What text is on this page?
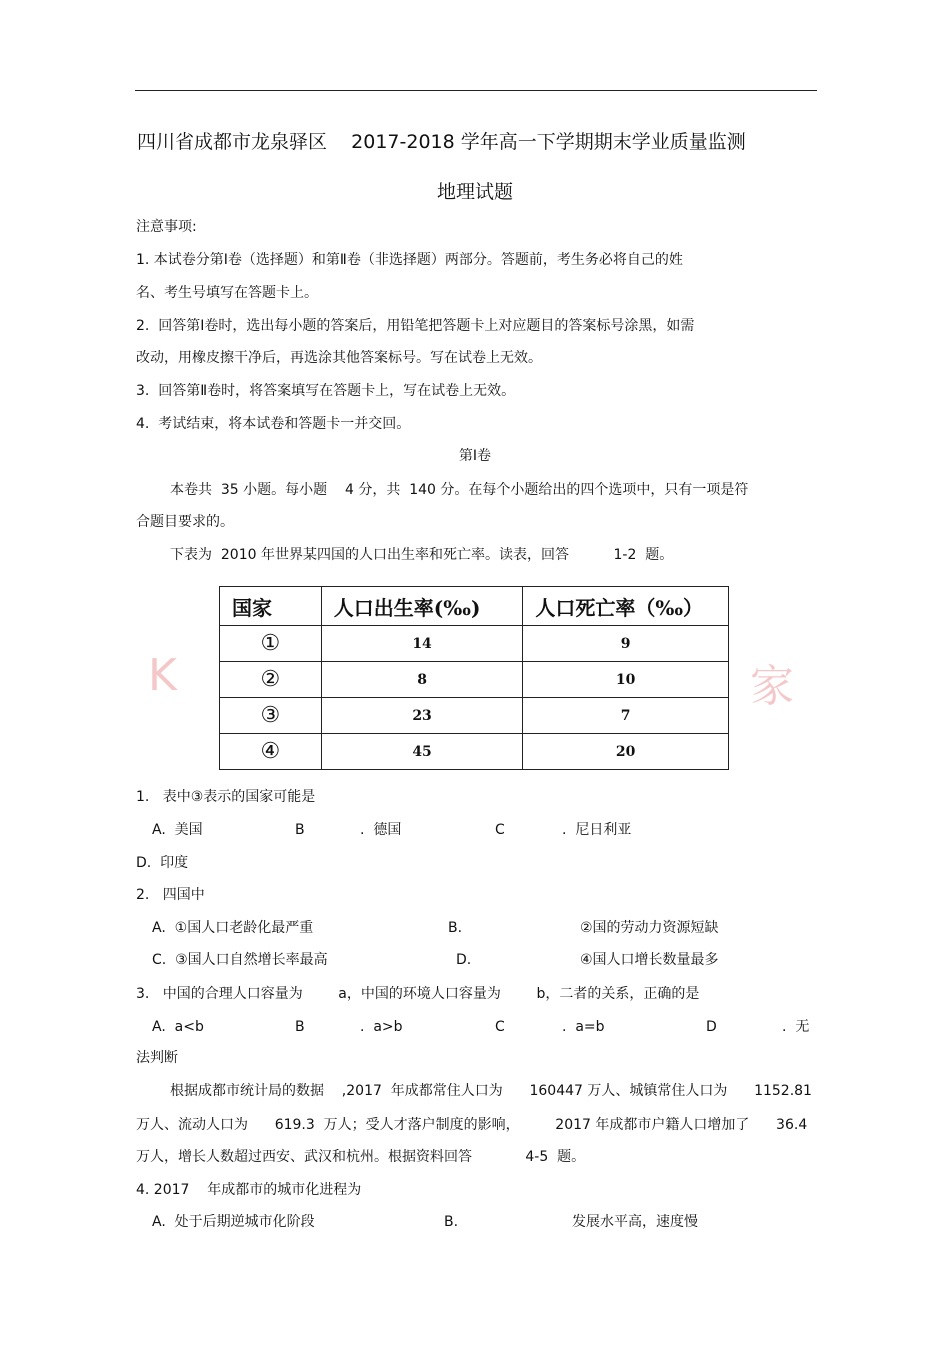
四川省成都市龙泉驿区    2017-2018 学年高一下学期期末学业质量监测
地理试题
注意事项:
1. 本试卷分第Ⅰ卷（选择题）和第Ⅱ卷（非选择题）两部分。答题前，考生务必将自己的姓
名、考生号填写在答题卡上。
2.  回答第Ⅰ卷时，选出每小题的答案后，用铅笔把答题卡上对应题目的答案标号涂黑，如需
改动，用橡皮擦干净后，再选涂其他答案标号。写在试卷上无效。
3.  回答第Ⅱ卷时，将答案填写在答题卡上，写在试卷上无效。
4.  考试结束，将本试卷和答题卡一并交回。
第Ⅰ卷
本卷共  35 小题。每小题    4 分，共  140 分。在每个小题给出的四个选项中，只有一项是符
合题目要求的。
下表为  2010 年世界某四国的人口出生率和死亡率。读表，回答          1-2  题。
K	家
国家	人口出生率(‰)	人口死亡率（‰）
①	14	9
②	8	10
③	23	7
④	45	20
1.   表中③表示的国家可能是
A.  美国	B	.  德国	C	.  尼日利亚
D.  印度
2.   四国中
A.  ①国人口老龄化最严重	B.	②国的劳动力资源短缺
C.  ③国人口自然增长率最高	D.	④国人口增长数量最多
3.   中国的合理人口容量为        a，中国的环境人口容量为        b，二者的关系，正确的是
A.  a<b	B	.  a>b	C	.  a=b	D	.  无
法判断
根据成都市统计局的数据    ,2017  年成都常住人口为      160447 万人、城镇常住人口为      1152.81
万人、流动人口为      619.3  万人；受人才落户制度的影响，        2017 年成都市户籍人口增加了      36.4
万人，增长人数超过西安、武汉和杭州。根据资料回答            4-5  题。
4. 2017    年成都市的城市化进程为
A.  处于后期逆城市化阶段	B.	发展水平高，速度慢
